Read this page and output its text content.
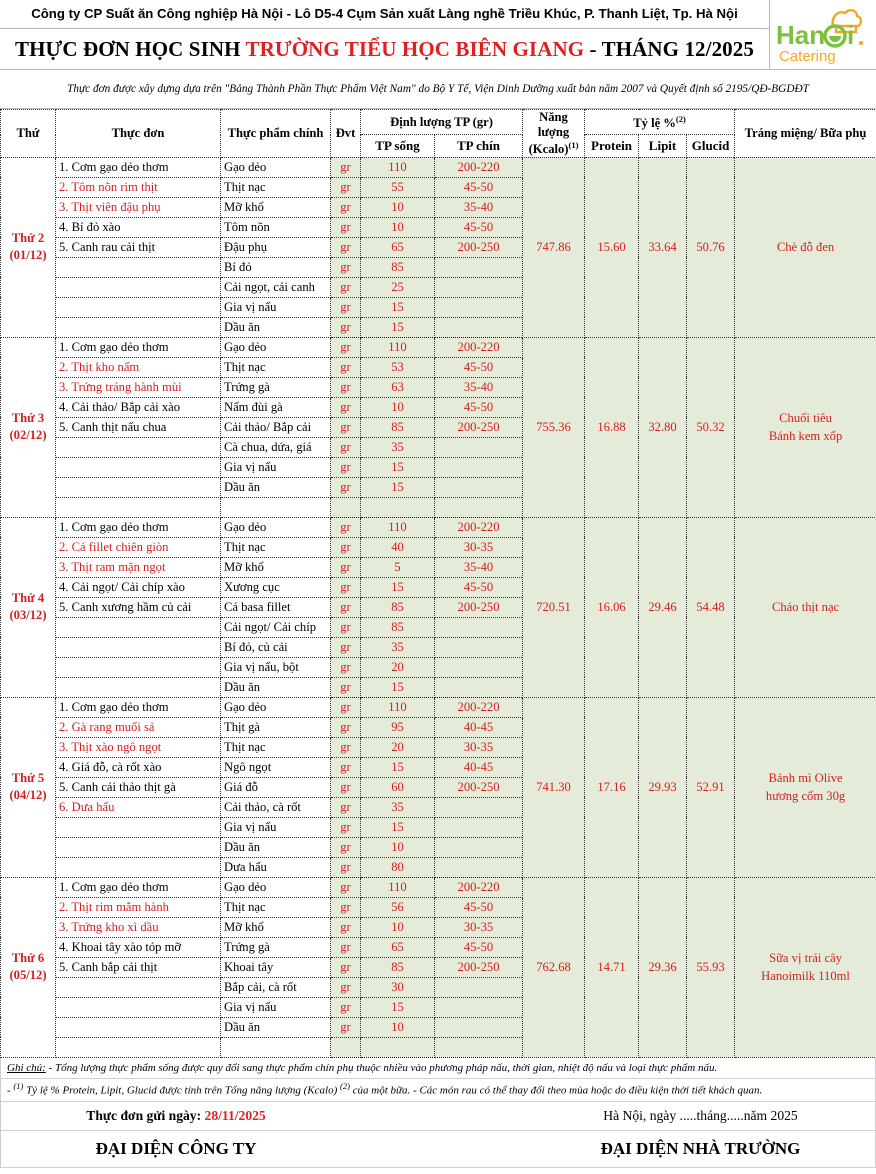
Công ty CP Suất ăn Công nghiệp Hà Nội - Lô D5-4 Cụm Sản xuất Làng nghề Triều Khúc, P. Thanh Liệt, Tp. Hà Nội
THỰC ĐƠN HỌC SINH TRƯỜNG TIỂU HỌC BIÊN GIANG - THÁNG 12/2025 Han i
Catering
Thực đơn được xây dựng dựa trên "Bảng Thành Phần Thực Phẩm Việt Nam" do Bộ Y Tế, Viện Dinh Dưỡng xuất bản năm 2007 và Quyết định số 2195/QĐ-BGDĐT
Thứ	Thực đơn	Thực phẩm chính	Đvt	Định lượng TP (gr)		Năng lượng (Kcalo)$^{(1)}$	Tỷ lệ %$^{(2)}$			Tráng miệng/ Bữa phụ
				TP sống	TP chín		Protein	Lipit	Glucid	
Thứ 2
(01/12)	1. Cơm gạo dẻo thơm	Gạo dẻo	gr	110	200-220	747.86	15.60	33.64	50.76	Chè đỗ đen
	2. Tôm nõn rim thịt	Thịt nạc	gr	55	45-50					
	3. Thịt viên đậu phụ	Mỡ khổ	gr	10	35-40					
	4. Bí đỏ xào	Tôm nõn	gr	10	45-50					
	5. Canh rau cải thịt	Đậu phụ	gr	65	200-250					
		Bí đỏ	gr	85						
		Cải ngọt, cải canh	gr	25						
		Gia vị nấu	gr	15						
		Dầu ăn	gr	15						
Thứ 3
(02/12)	1. Cơm gạo dẻo thơm	Gạo dẻo	gr	110	200-220	755.36	16.88	32.80	50.32	Chuối tiêu
Bánh kem xốp
	2. Thịt kho nấm	Thịt nạc	gr	53	45-50					
	3. Trứng tráng hành mùi	Trứng gà	gr	63	35-40					
	4. Cải thảo/ Bắp cải xào	Nấm đùi gà	gr	10	45-50					
	5. Canh thịt nấu chua	Cải thảo/ Bắp cải	gr	85	200-250					
		Cà chua, dứa, giá	gr	35						
		Gia vị nấu	gr	15						
		Dầu ăn	gr	15						

Thứ 4
(03/12)	1. Cơm gạo dẻo thơm	Gạo dẻo	gr	110	200-220	720.51	16.06	29.46	54.48	Cháo thịt nạc
	2. Cá fillet chiên giòn	Thịt nạc	gr	40	30-35					
	3. Thịt ram mặn ngọt	Mỡ khổ	gr	5	35-40					
	4. Cải ngọt/ Cải chíp xào	Xương cục	gr	15	45-50					
	5. Canh xương hầm củ cải	Cá basa fillet	gr	85	200-250					
		Cải ngọt/ Cải chíp	gr	85						
		Bí đỏ, củ cải	gr	35						
		Gia vị nấu, bột	gr	20						
		Dầu ăn	gr	15						
Thứ 5
(04/12)	1. Cơm gạo dẻo thơm	Gạo dẻo	gr	110	200-220	741.30	17.16	29.93	52.91	Bánh mì Olive
hương cốm 30g
	2. Gà rang muối sả	Thịt gà	gr	95	40-45					
	3. Thịt xào ngô ngọt	Thịt nạc	gr	20	30-35					
	4. Giá đỗ, cà rốt xào	Ngô ngọt	gr	15	40-45					
	5. Canh cải thảo thịt gà	Giá đỗ	gr	60	200-250					
	6. Dưa hấu	Cải thảo, cà rốt	gr	35						
		Gia vị nấu	gr	15						
		Dầu ăn	gr	10						
		Dưa hấu	gr	80						
Thứ 6
(05/12)	1. Cơm gạo dẻo thơm	Gạo dẻo	gr	110	200-220	762.68	14.71	29.36	55.93	Sữa vị trái cây
Hanoimilk 110ml
	2. Thịt rim mắm hành	Thịt nạc	gr	56	45-50					
	3. Trứng kho xì dầu	Mỡ khổ	gr	10	30-35					
	4. Khoai tây xào tóp mỡ	Trứng gà	gr	65	45-50					
	5. Canh bắp cải thịt	Khoai tây	gr	85	200-250					
		Bắp cải, cà rốt	gr	30						
		Gia vị nấu	gr	15						
		Dầu ăn	gr	10						

Ghi chú: - Tổng lượng thực phẩm sống được quy đổi sang thực phẩm chín phụ thuộc nhiều vào phương pháp nấu, thời gian, nhiệt độ nấu và loại thực phẩm nấu.
- $^{(1)}$ Tỷ lệ % Protein, Lipit, Glucid được tính trên Tổng năng lượng (Kcalo) $^{(2)}$ của một bữa. - Các món rau có thể thay đổi theo mùa hoặc do điều kiện thời tiết khách quan.
Thực đơn gửi ngày: 28/11/2025	Hà Nội, ngày .....tháng.....năm 2025
ĐẠI DIỆN CÔNG TY	ĐẠI DIỆN NHÀ TRƯỜNG
